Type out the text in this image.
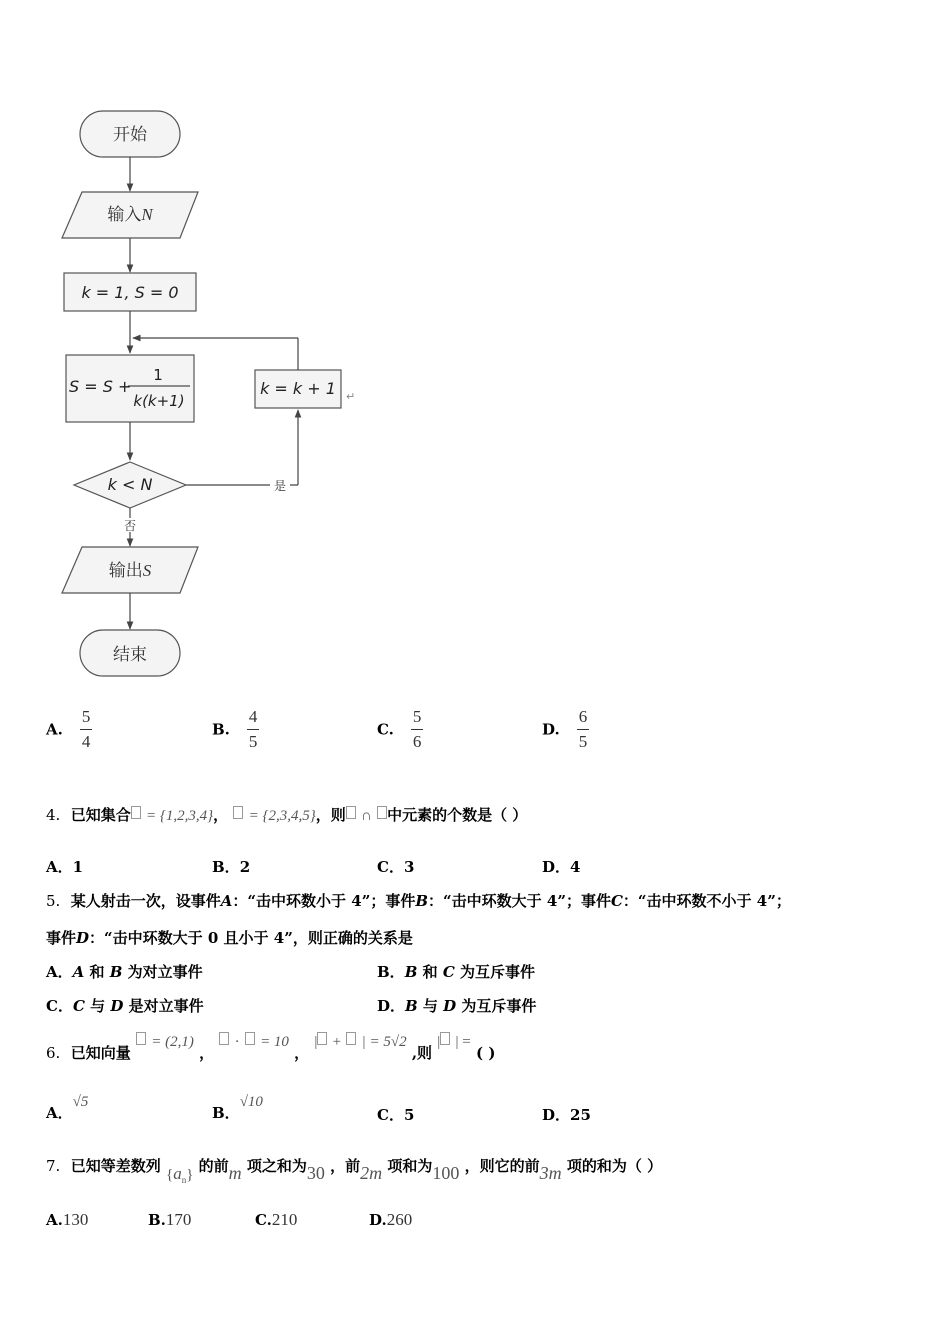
开始
输入N
k = 1, S = 0
S = S +
1
k(k+1)
k < N	是
k = k + 1 ↵
否
输出S
结束
A. $\frac{5}{4}$	B. $\frac{4}{5}$	C. $\frac{5}{6}$	D. $\frac{6}{5}$
4. 已知集合 = {1,2,3,4}， = {2,3,4,5}，则 ∩ 中元素的个数是（ ）
A．1	B．2	C．3	D．4
5. 某人射击一次，设事件A：“击中环数小于 4”；事件B：“击中环数大于 4”；事件C：“击中环数不小于 4”；
事件D：“击中环数大于 0 且小于 4”，则正确的关系是
A．A 和 B 为对立事件	B．B 和 C 为互斥事件
C．C 与 D 是对立事件	D．B 与 D 为互斥事件
6. 已知向量  = (2,1) ，  · = 10 ， | + | = 5√2 ,则 | | = ( )
A．√5
B．√10
C．5	D．25
7. 已知等差数列 $\{a_n\}$ 的前m 项之和为30 ，前2m 项和为100 ，则它的前3m 项的和为（ ）
A.130	B.170	C.210	D.260
